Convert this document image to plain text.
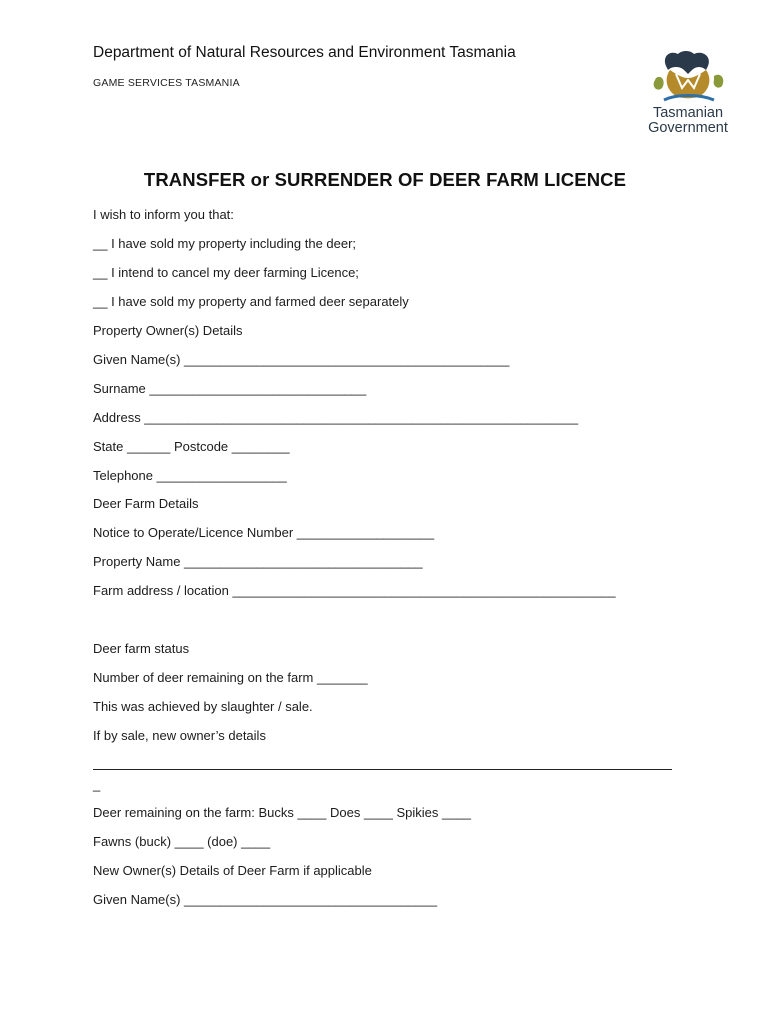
Department of Natural Resources and Environment Tasmania
GAME SERVICES TASMANIA
Tasmanian
Government
TRANSFER or SURRENDER OF DEER FARM LICENCE
I wish to inform you that:
__ I have sold my property including the deer;
__ I intend to cancel my deer farming Licence;
__ I have sold my property and farmed deer separately
Property Owner(s) Details
Given Name(s) _____________________________________________
Surname ______________________________
Address ____________________________________________________________
State ______ Postcode ________
Telephone __________________
Deer Farm Details
Notice to Operate/Licence Number ___________________
Property Name _________________________________
Farm address / location _____________________________________________________
Deer farm status
Number of deer remaining on the farm _______
This was achieved by slaughter / sale.
If by sale, new owner’s details
_
Deer remaining on the farm: Bucks ____ Does ____ Spikies ____
Fawns (buck) ____ (doe) ____
New Owner(s) Details of Deer Farm if applicable
Given Name(s) ___________________________________
